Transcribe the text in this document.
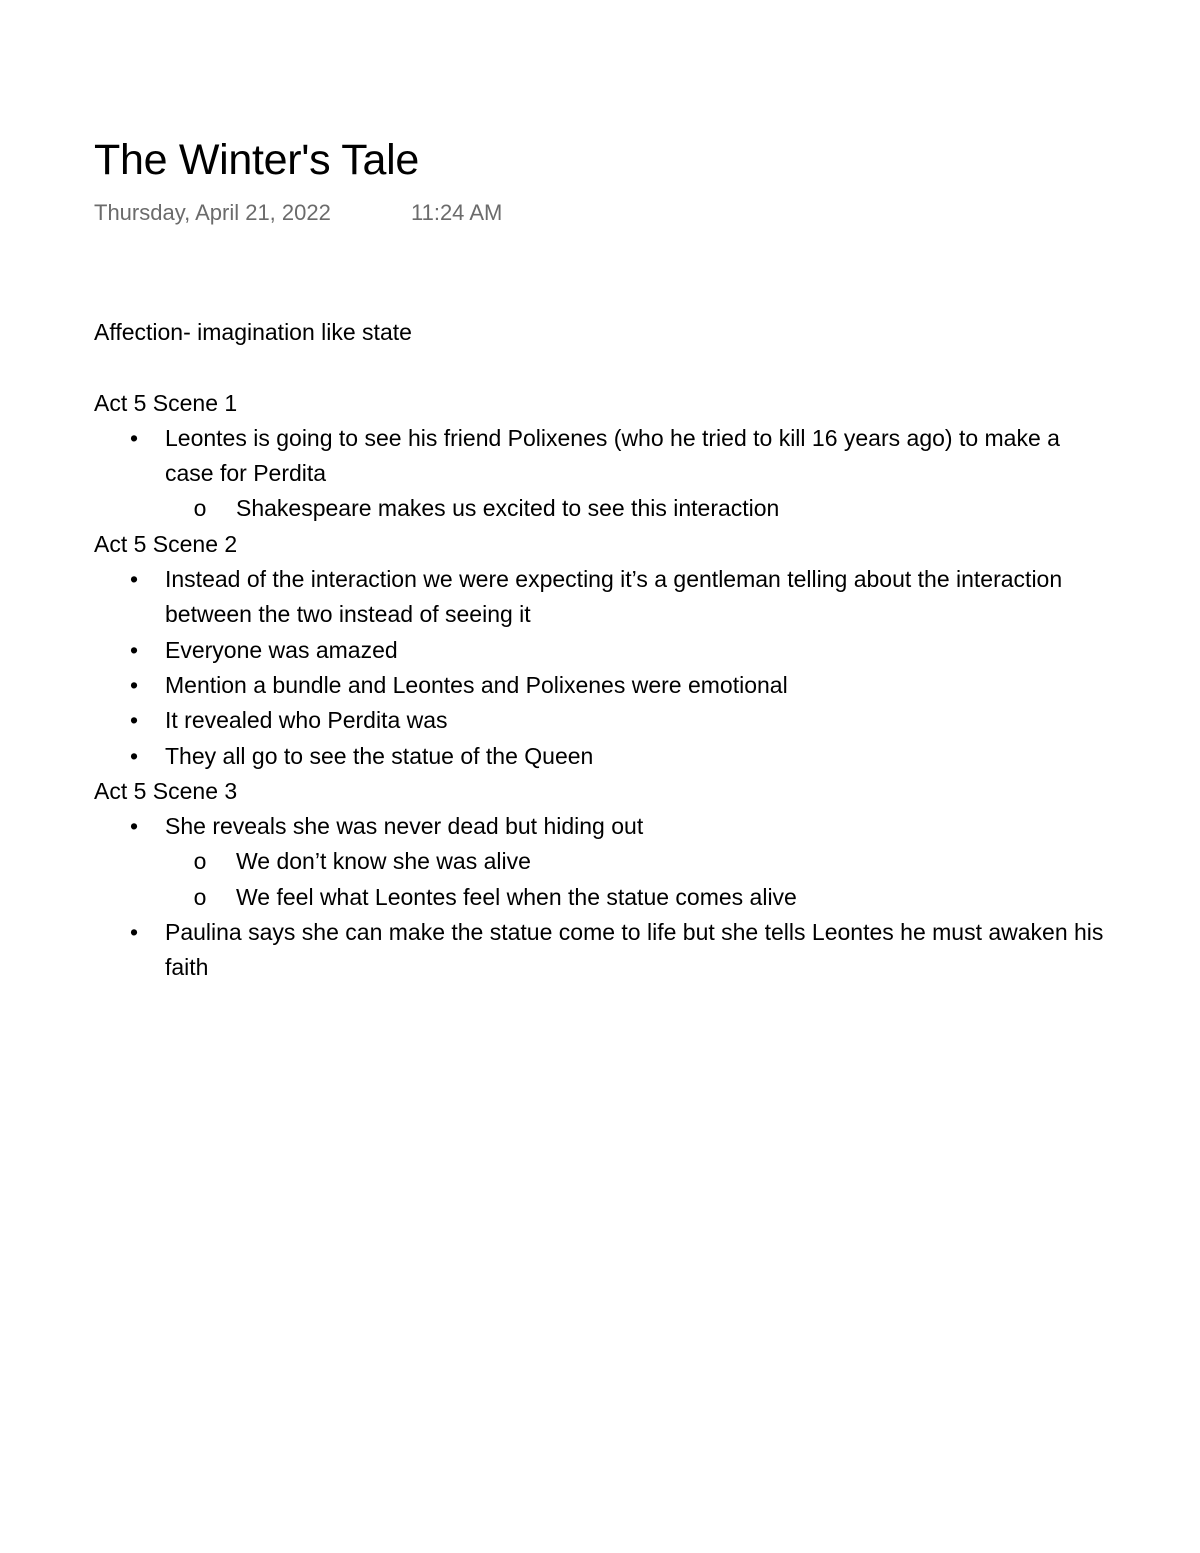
The Winter's Tale
Thursday, April 21, 2022	11:24 AM
Affection- imagination like state
Act 5 Scene 1
• Leontes is going to see his friend Polixenes (who he tried to kill 16 years ago) to make a case for Perdita
o Shakespeare makes us excited to see this interaction
Act 5 Scene 2
• Instead of the interaction we were expecting it’s a gentleman telling about the interaction between the two instead of seeing it
• Everyone was amazed
• Mention a bundle and Leontes and Polixenes were emotional
• It revealed who Perdita was
• They all go to see the statue of the Queen
Act 5 Scene 3
• She reveals she was never dead but hiding out
o We don’t know she was alive
o We feel what Leontes feel when the statue comes alive
• Paulina says she can make the statue come to life but she tells Leontes he must awaken his faith
